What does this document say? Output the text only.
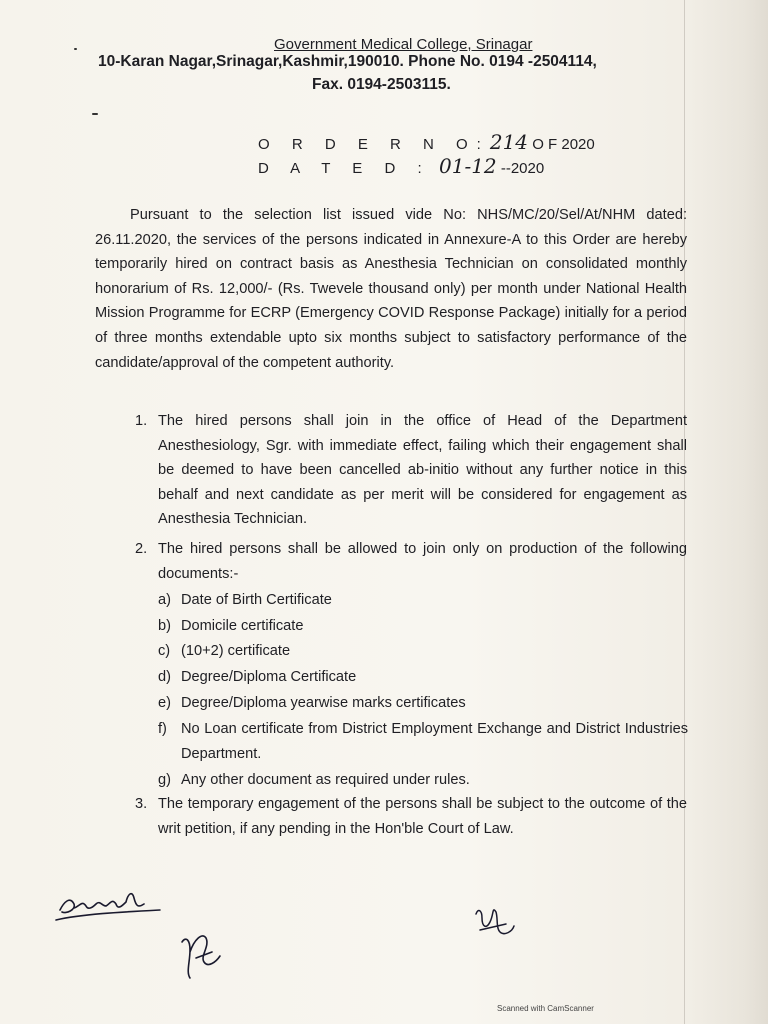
Government Medical College, Srinagar
10-Karan Nagar,Srinagar,Kashmir,190010. Phone No. 0194 -2504114,
Fax. 0194-2503115.
O R D E R N O:214 O F 2020
D A T E D : 01-12 --2020

Pursuant to the selection list issued vide No: NHS/MC/20/Sel/At/NHM dated: 26.11.2020, the services of the persons indicated in Annexure-A to this Order are hereby temporarily hired on contract basis as Anesthesia Technician on consolidated monthly honorarium of Rs. 12,000/- (Rs. Twevele thousand only) per month under National Health Mission Programme for ECRP (Emergency COVID Response Package) initially for a period of three months extendable upto six months subject to satisfactory performance of the candidate/approval of the competent authority.

1. The hired persons shall join in the office of Head of the Department Anesthesiology, Sgr. with immediate effect, failing which their engagement shall be deemed to have been cancelled ab-initio without any further notice in this behalf and next candidate as per merit will be considered for engagement as Anesthesia Technician.

2. The hired persons shall be allowed to join only on production of the following documents:-

a) Date of Birth Certificate

b) Domicile certificate

c) (10+2) certificate

d) Degree/Diploma Certificate

e) Degree/Diploma yearwise marks certificates

f) No Loan certificate from District Employment Exchange and District Industries Department.

g) Any other document as required under rules.

3. The temporary engagement of the persons shall be subject to the outcome of the writ petition, if any pending in the Hon'ble Court of Law.

Scanned with CamScanner
